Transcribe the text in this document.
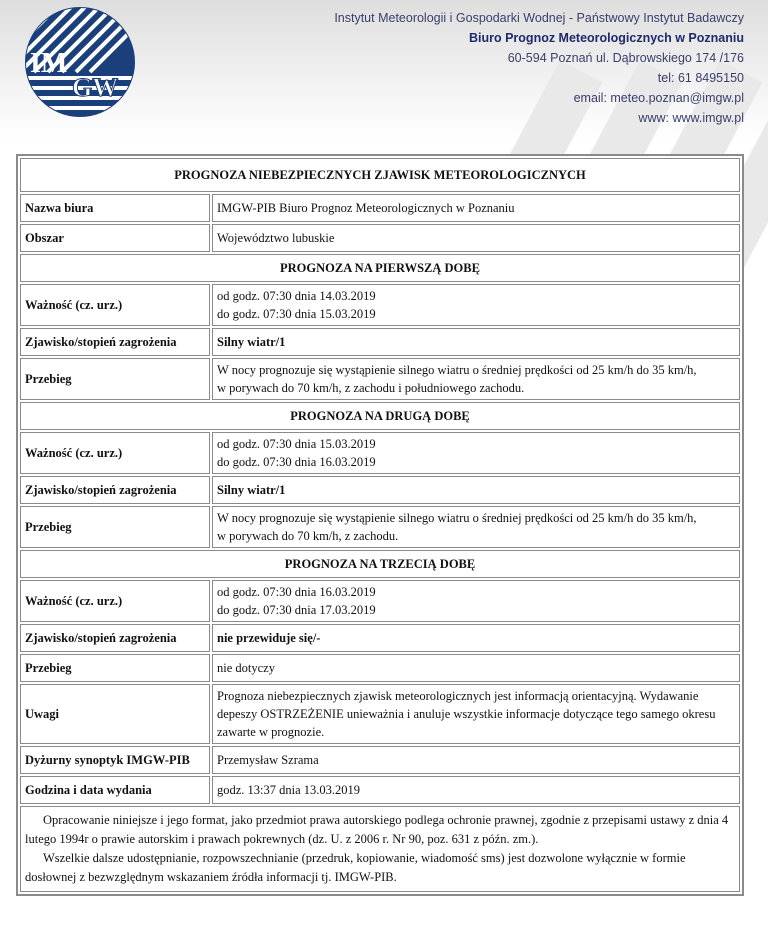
IM
GW
Instytut Meteorologii i Gospodarki Wodnej - Państwowy Instytut Badawczy
Biuro Prognoz Meteorologicznych w Poznaniu
60-594 Poznań ul. Dąbrowskiego 174 /176
tel: 61 8495150
email: meteo.poznan@imgw.pl
www: www.imgw.pl
PROGNOZA NIEBEZPIECZNYCH ZJAWISK METEOROLOGICZNYCH	
Nazwa biura	IMGW-PIB Biuro Prognoz Meteorologicznych w Poznaniu
Obszar	Województwo lubuskie
PROGNOZA NA PIERWSZĄ DOBĘ	
Ważność (cz. urz.)	od godz. 07:30 dnia 14.03.2019
do godz. 07:30 dnia 15.03.2019

Zjawisko/stopień zagrożenia	Silny wiatr/1
Przebieg	W nocy prognozuje się wystąpienie silnego wiatru o średniej prędkości od 25 km/h do 35 km/h,
w porywach do 70 km/h, z zachodu i południowego zachodu.

PROGNOZA NA DRUGĄ DOBĘ	
Ważność (cz. urz.)	od godz. 07:30 dnia 15.03.2019
do godz. 07:30 dnia 16.03.2019

Zjawisko/stopień zagrożenia	Silny wiatr/1
Przebieg	W nocy prognozuje się wystąpienie silnego wiatru o średniej prędkości od 25 km/h do 35 km/h,
w porywach do 70 km/h, z zachodu.

PROGNOZA NA TRZECIĄ DOBĘ	
Ważność (cz. urz.)	od godz. 07:30 dnia 16.03.2019
do godz. 07:30 dnia 17.03.2019

Zjawisko/stopień zagrożenia	nie przewiduje się/-
Przebieg	nie dotyczy
Uwagi	Prognoza niebezpiecznych zjawisk meteorologicznych jest informacją orientacyjną. Wydawanie depeszy OSTRZEŻENIE unieważnia i anuluje wszystkie informacje dotyczące tego samego okresu zawarte w prognozie.
Dyżurny synoptyk IMGW-PIB	Przemysław Szrama
Godzina i data wydania	godz. 13:37 dnia 13.03.2019

Opracowanie niniejsze i jego format, jako przedmiot prawa autorskiego podlega ochronie prawnej, zgodnie z przepisami ustawy z dnia 4 lutego 1994r o prawie autorskim i prawach pokrewnych (dz. U. z 2006 r. Nr 90, poz. 631 z późn. zm.).

Wszelkie dalsze udostępnianie, rozpowszechnianie (przedruk, kopiowanie, wiadomość sms) jest dozwolone wyłącznie w formie dosłownej z bezwzględnym wskazaniem źródła informacji tj. IMGW-PIB.	
